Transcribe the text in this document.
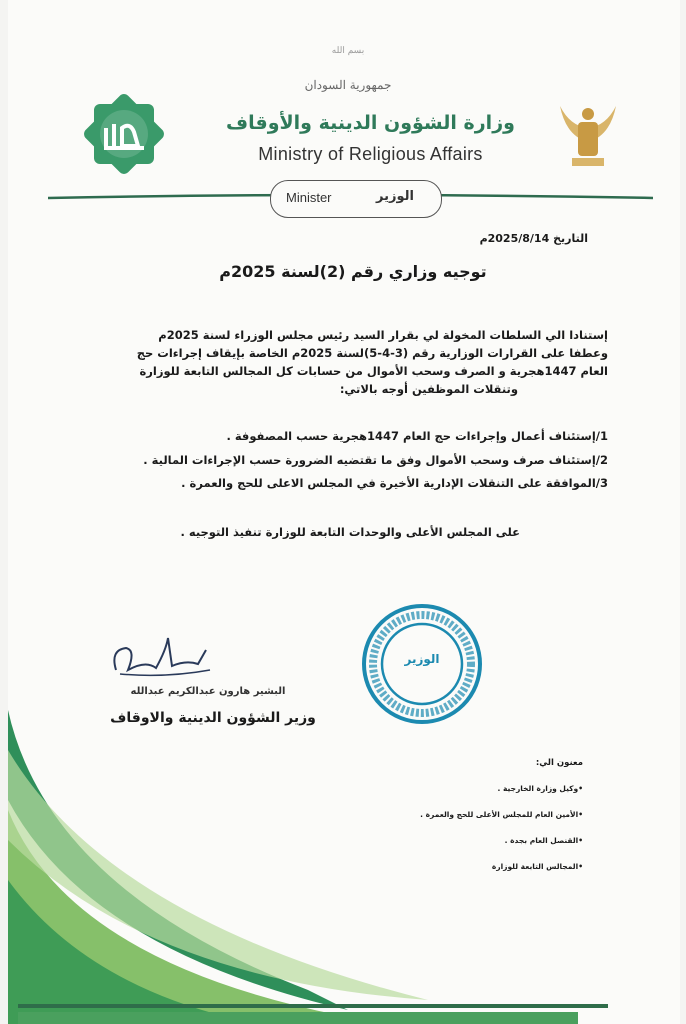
بسم الله
جمهورية السودان
وزارة الشؤون الدينية والأوقاف
Ministry of Religious Affairs
Minister	الوزير
التاريخ 2025/8/14م
توجيه وزاري رقم (2)لسنة 2025م
إستنادا الي السلطات المخولة لي بقرار السيد رئيس مجلس الوزراء لسنة 2025م
وعطفا على القرارات الوزارية رقم (3-4-5)لسنة 2025م الخاصة بإيقاف إجراءات حج
العام 1447هجرية و الصرف وسحب الأموال من حسابات كل المجالس التابعة للوزارة
وتنقلات الموظفين أوجه بالاتي:
1/إستئناف أعمال وإجراءات حج العام 1447هجرية حسب المصفوفة .
2/إستئناف صرف وسحب الأموال وفق ما تقتضيه الضرورة حسب الإجراءات المالية .
3/الموافقة على التنقلات الإدارية الأخيرة في المجلس الاعلى للحج والعمرة .
على المجلس الأعلى والوحدات التابعة للوزارة تنفيذ التوجيه .
البشير هارون عبدالكريم عبدالله
وزير الشؤون الدينية والاوقاف
الوزير
معنون الي:
•وكيل وزارة الخارجية .
•الأمين العام للمجلس الأعلى للحج والعمرة .
•القنصل العام بجدة .
•المجالس التابعة للوزارة
